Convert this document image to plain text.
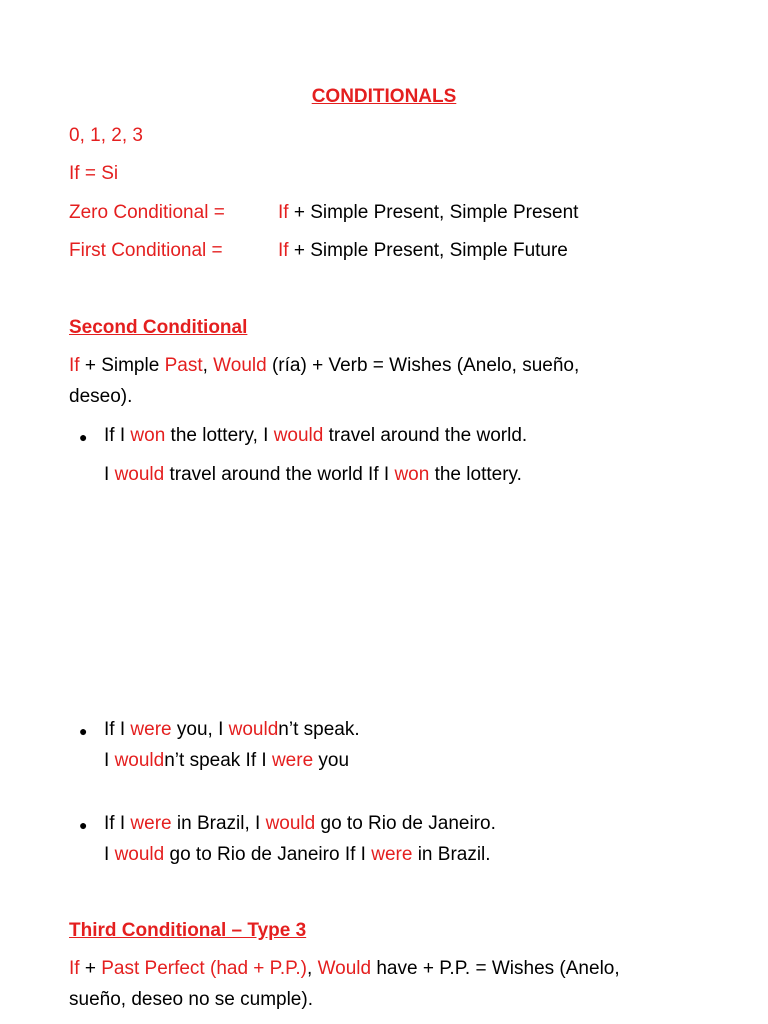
CONDITIONALS
0, 1, 2, 3
If = Si
Zero Conditional =	If + Simple Present, Simple Present
First Conditional =	If + Simple Present, Simple Future
Second Conditional
If + Simple Past, Would (ría) + Verb = Wishes (Anelo, sueño,
deseo).
● If I won the lottery, I would travel around the world.
I would travel around the world If I won the lottery.
● If I were you, I wouldn’t speak.
I wouldn’t speak If I were you
● If I were in Brazil, I would go to Rio de Janeiro.
I would go to Rio de Janeiro If I were in Brazil.
Third Conditional – Type 3
If + Past Perfect (had + P.P.), Would have + P.P. = Wishes (Anelo,
sueño, deseo no se cumple).
